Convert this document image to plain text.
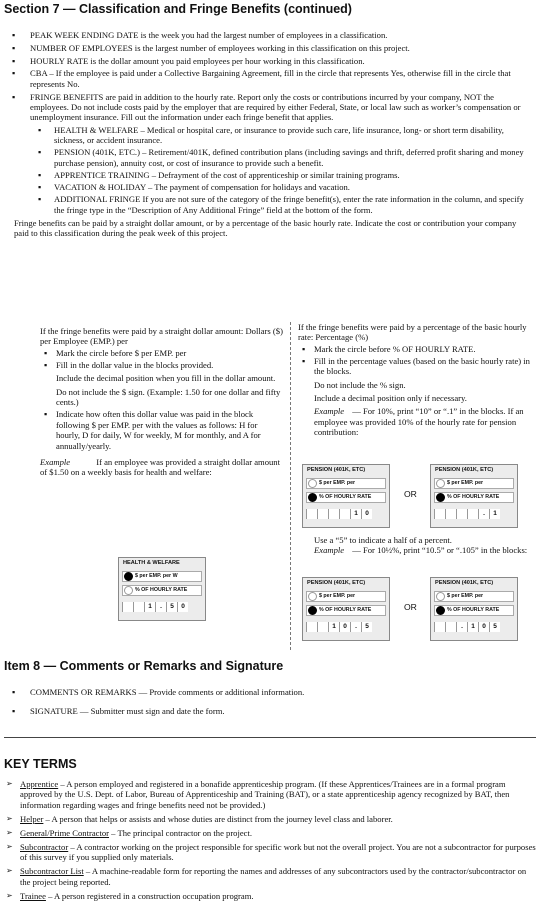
Section 7 — Classification and Fringe Benefits (continued)
▪ PEAK WEEK ENDING DATE is the week you had the largest number of employees in a classification.
▪ NUMBER OF EMPLOYEES is the largest number of employees working in this classification on this project.
▪ HOURLY RATE is the dollar amount you paid employees per hour working in this classification.
▪ CBA – If the employee is paid under a Collective Bargaining Agreement, fill in the circle that represents Yes, otherwise fill in the circle that represents No.
▪ FRINGE BENEFITS are paid in addition to the hourly rate. Report only the costs or contributions incurred by your company, NOT the employees. Do not include costs paid by the employer that are required by either Federal, State, or local law such as worker’s compensation or unemployment insurance. Fill out the information under each fringe benefit that applies.
▪ HEALTH & WELFARE – Medical or hospital care, or insurance to provide such care, life insurance, long- or short term disability, sickness, or accident insurance.
▪ PENSION (401K, ETC.) – Retirement/401K, defined contribution plans (including savings and thrift, deferred profit sharing and money purchase pension), annuity cost, or cost of insurance to provide such a benefit.
▪ APPRENTICE TRAINING – Defrayment of the cost of apprenticeship or similar training programs.
▪ VACATION & HOLIDAY – The payment of compensation for holidays and vacation.
▪ ADDITIONAL FRINGE If you are not sure of the category of the fringe benefit(s), enter the rate information in the column, and specify the fringe type in the “Description of Any Additional Fringe” field at the bottom of the form.
Fringe benefits can be paid by a straight dollar amount, or by a percentage of the basic hourly rate. Indicate the cost or contribution your company paid to this classification during the peak week of this project.
If the fringe benefits were paid by a straight dollar amount: Dollars ($) per Employee (EMP.) per
▪ Mark the circle before $ per EMP. per
▪ Fill in the dollar value in the blocks provided.
Include the decimal position when you fill in the dollar amount.
Do not include the $ sign. (Example: 1.50 for one dollar and fifty cents.)
▪ Indicate how often this dollar value was paid in the block following $ per EMP. per with the values as follows: H for hourly, D for daily, W for weekly, M for monthly, and A for annually/yearly.
Example	If an employee was provided a straight dollar amount of $1.50 on a weekly basis for health and welfare:
HEALTH & WELFARE
$ per EMP. per W
% OF HOURLY RATE
1	.	5	0
If the fringe benefits were paid by a percentage of the basic hourly rate: Percentage (%)
▪ Mark the circle before % OF HOURLY RATE.
▪ Fill in the percentage values (based on the basic hourly rate) in the blocks.
Do not include the % sign.
Include a decimal position only if necessary.
Example — For 10%, print “10” or “.1” in the blocks. If an employee was provided 10% of the hourly rate for pension contribution:
PENSION (401K, ETC)
$ per EMP. per
% OF HOURLY RATE
1	0
OR
PENSION (401K, ETC)
$ per EMP. per
% OF HOURLY RATE
.	1
Use a “5” to indicate a half of a percent.
Example — For 10½%, print “10.5” or “.105” in the blocks:
PENSION (401K, ETC)
$ per EMP. per
% OF HOURLY RATE
1	0	.	5
OR
PENSION (401K, ETC)
$ per EMP. per
% OF HOURLY RATE
.	1	0	5
Item 8 — Comments or Remarks and Signature
▪ COMMENTS OR REMARKS — Provide comments or additional information.
▪ SIGNATURE — Submitter must sign and date the form.
KEY TERMS
➢ Apprentice – A person employed and registered in a bonafide apprenticeship program. (If these Apprentices/Trainees are in a formal program approved by the U.S. Dept. of Labor, Bureau of Apprenticeship and Training (BAT), or a state apprenticeship agency recognized by BAT, then information regarding wages and fringe benefits need not be provided.)
➢ Helper – A person that helps or assists and whose duties are distinct from the journey level class and laborer.
➢ General/Prime Contractor – The principal contractor on the project.
➢ Subcontractor – A contractor working on the project responsible for specific work but not the overall project. You are not a subcontractor for purposes of this survey if you supplied only materials.
➢ Subcontractor List – A machine-readable form for reporting the names and addresses of any subcontractors used by the contractor/subcontractor on the project being reported.
➢ Trainee – A person registered in a construction occupation program.
